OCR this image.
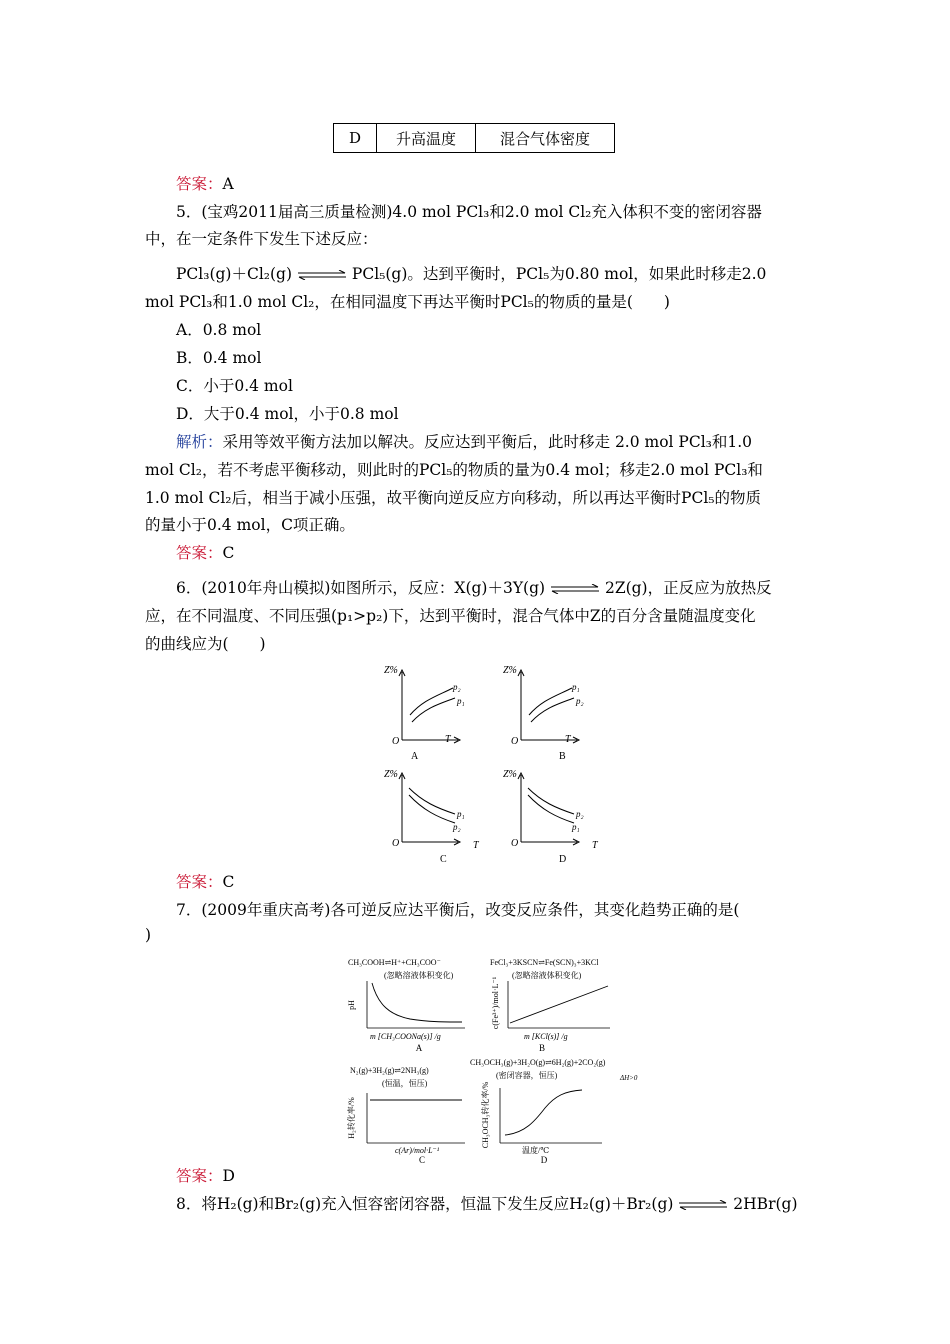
D	升高温度	混合气体密度
答案：A
5．(宝鸡2011届高三质量检测)4.0 mol PCl₃和2.0 mol Cl₂充入体积不变的密闭容器
中，在一定条件下发生下述反应：
PCl₃(g)＋Cl₂(g) ⇌ PCl₅(g)。达到平衡时，PCl₅为0.80 mol，如果此时移走2.0
mol PCl₃和1.0 mol Cl₂，在相同温度下再达平衡时PCl₅的物质的量是(　　)
A．0.8 mol
B．0.4 mol
C．小于0.4 mol
D．大于0.4 mol，小于0.8 mol
解析：采用等效平衡方法加以解决。反应达到平衡后，此时移走 2.0 mol PCl₃和1.0
mol Cl₂，若不考虑平衡移动，则此时的PCl₅的物质的量为0.4 mol；移走2.0 mol PCl₃和
1.0 mol Cl₂后，相当于减小压强，故平衡向逆反应方向移动，所以再达平衡时PCl₅的物质
的量小于0.4 mol，C项正确。
答案：C
6．(2010年舟山模拟)如图所示，反应：X(g)＋3Y(g) ⇌ 2Z(g)，正反应为放热反
应，在不同温度、不同压强(p₁>p₂)下，达到平衡时，混合气体中Z的百分含量随温度变化
的曲线应为(　　)
Z%
O	T
p₂
p₁
A
Z%
O	T
p₁
p₂
B
Z%
O	T
p₁
p₂
C
Z%
O	T
p₂
p₁
D
答案：C
7．(2009年重庆高考)各可逆反应达平衡后，改变反应条件，其变化趋势正确的是(
)
CH₃COOH⇌H⁺+CH₃COO⁻
(忽略溶液体积变化)
pH
m [CH₃COONa(s)] /g
A
FeCl₃+3KSCN⇌Fe(SCN)₃+3KCl
(忽略溶液体积变化)
c(Fe³⁺)/mol·L⁻¹
m [KCl(s)] /g
B
N₂(g)+3H₂(g)⇌2NH₃(g)
(恒温，恒压)
H₂转化率/%
c(Ar)/mol·L⁻¹
C
CH₃OCH₃(g)+3H₂O(g)⇌6H₂(g)+2CO₂(g)
(密闭容器，恒压)	ΔH>0
CH₃OCH₃转化率/%
温度/℃
D
答案：D
8．将H₂(g)和Br₂(g)充入恒容密闭容器，恒温下发生反应H₂(g)＋Br₂(g) ⇌ 2HBr(g)
